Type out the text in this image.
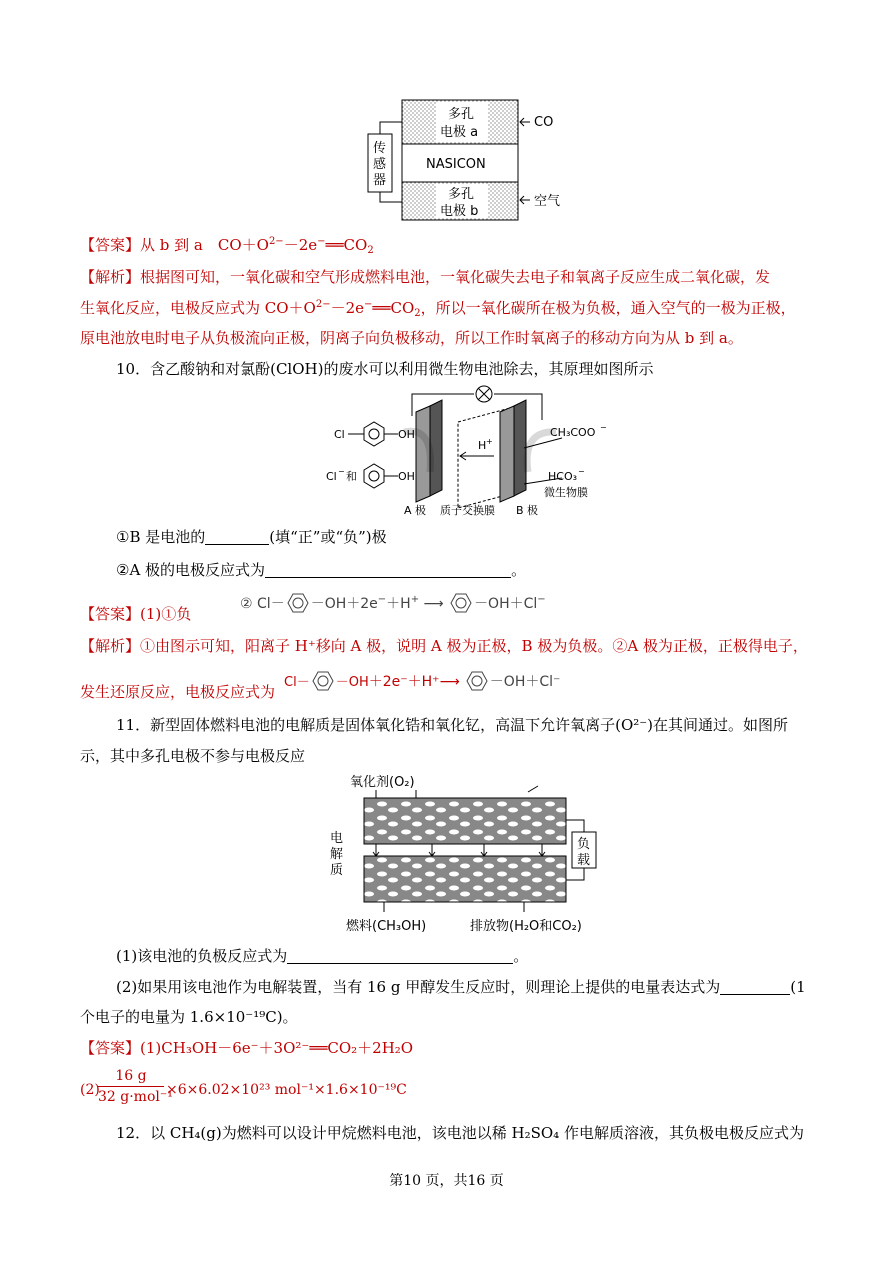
传
感
器
多孔
电极 a
NASICON
多孔
电极 b
CO
空气
【答案】从 b 到 a　$CO+O^{2-}-2e^-══CO_2$
【解析】根据图可知，一氧化碳和空气形成燃料电池，一氧化碳失去电子和氧离子反应生成二氧化碳，发
生氧化反应，电极反应式为 $CO+O^{2-}-2e^-══CO_2$，所以一氧化碳所在极为负极，通入空气的一极为正极，
原电池放电时电子从负极流向正极，阴离子向负极移动，所以工作时氧离子的移动方向为从 b 到 a。
10．含乙酸钠和对氯酚(ClOH)的废水可以利用微生物电池除去，其原理如图所示
Cl	OH
Cl − 和	OH
H +
CH₃COO −
HCO₃ −
A 极 质子交换膜 B 极
微生物膜
①B 是电池的	(填“正”或“负”)极
②A 极的电极反应式为	。
【答案】(1)①负
② Cl－ －OH＋2e−＋H+ ⟶ －OH＋Cl−
【解析】①由图示可知，阳离子 H⁺移向 A 极，说明 A 极为正极，B 极为负极。②A 极为正极，正极得电子，
发生还原反应，电极反应式为
Cl－ －OH＋2e⁻＋H⁺⟶ －OH＋Cl⁻
11．新型固体燃料电池的电解质是固体氧化锆和氧化钇，高温下允许氧离子(O²⁻)在其间通过。如图所
示，其中多孔电极不参与电极反应
氧化剂(O₂)
电
解
质
负
载
燃料(CH₃OH)	排放物(H₂O和CO₂)
(1)该电池的负极反应式为	。
(2)如果用该电池作为电解装置，当有 16 g 甲醇发生反应时，则理论上提供的电量表达式为	(1
个电子的电量为 1.6×10⁻¹⁹C)。
【答案】(1)CH₃OH－6e⁻＋3O²⁻══CO₂＋2H₂O
(2)
16 g
32 g·mol⁻¹
×6×6.02×10²³ mol⁻¹×1.6×10⁻¹⁹C
12．以 CH₄(g)为燃料可以设计甲烷燃料电池，该电池以稀 H₂SO₄ 作电解质溶液，其负极电极反应式为
第10 页，共16 页
